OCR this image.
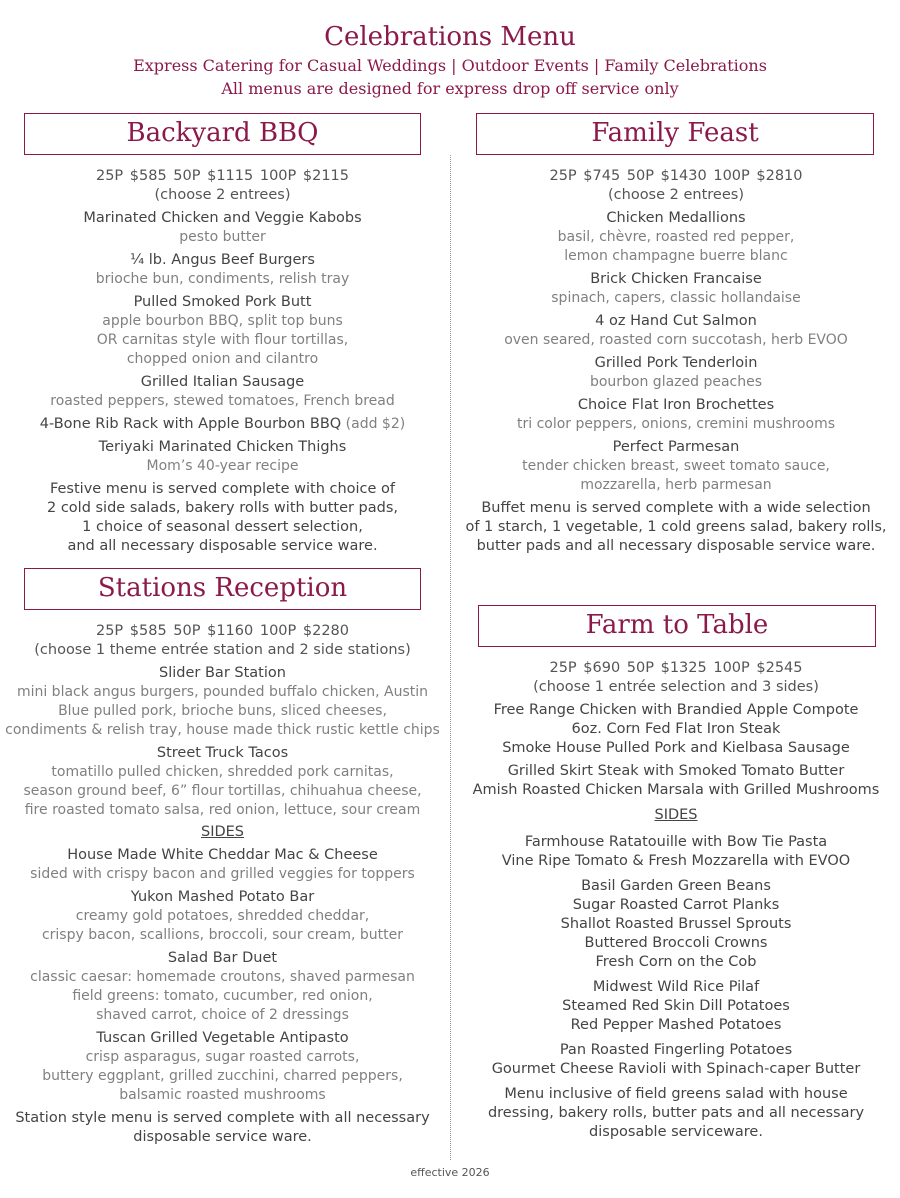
Celebrations Menu
Express Catering for Casual Weddings | Outdoor Events | Family Celebrations
All menus are designed for express drop off service only
Backyard BBQ
25P $585 50P $1115 100P $2115
(choose 2 entrees)
Marinated Chicken and Veggie Kabobs
pesto butter
¼ lb. Angus Beef Burgers
brioche bun, condiments, relish tray
Pulled Smoked Pork Butt
apple bourbon BBQ, split top buns
OR carnitas style with flour tortillas,
chopped onion and cilantro
Grilled Italian Sausage
roasted peppers, stewed tomatoes, French bread
4-Bone Rib Rack with Apple Bourbon BBQ (add $2)
Teriyaki Marinated Chicken Thighs
Mom’s 40-year recipe
Festive menu is served complete with choice of
2 cold side salads, bakery rolls with butter pads,
1 choice of seasonal dessert selection,
and all necessary disposable service ware.
Stations Reception
25P $585 50P $1160 100P $2280
(choose 1 theme entrée station and 2 side stations)
Slider Bar Station
mini black angus burgers, pounded buffalo chicken, Austin
Blue pulled pork, brioche buns, sliced cheeses,
condiments & relish tray, house made thick rustic kettle chips
Street Truck Tacos
tomatillo pulled chicken, shredded pork carnitas,
season ground beef, 6” flour tortillas, chihuahua cheese,
fire roasted tomato salsa, red onion, lettuce, sour cream
SIDES
House Made White Cheddar Mac & Cheese
sided with crispy bacon and grilled veggies for toppers
Yukon Mashed Potato Bar
creamy gold potatoes, shredded cheddar,
crispy bacon, scallions, broccoli, sour cream, butter
Salad Bar Duet
classic caesar: homemade croutons, shaved parmesan
field greens: tomato, cucumber, red onion,
shaved carrot, choice of 2 dressings
Tuscan Grilled Vegetable Antipasto
crisp asparagus, sugar roasted carrots,
buttery eggplant, grilled zucchini, charred peppers,
balsamic roasted mushrooms
Station style menu is served complete with all necessary
disposable service ware.
Family Feast
25P $745 50P $1430 100P $2810
(choose 2 entrees)
Chicken Medallions
basil, chèvre, roasted red pepper,
lemon champagne buerre blanc
Brick Chicken Francaise
spinach, capers, classic hollandaise
4 oz Hand Cut Salmon
oven seared, roasted corn succotash, herb EVOO
Grilled Pork Tenderloin
bourbon glazed peaches
Choice Flat Iron Brochettes
tri color peppers, onions, cremini mushrooms
Perfect Parmesan
tender chicken breast, sweet tomato sauce,
mozzarella, herb parmesan
Buffet menu is served complete with a wide selection
of 1 starch, 1 vegetable, 1 cold greens salad, bakery rolls,
butter pads and all necessary disposable service ware.
Farm to Table
25P $690 50P $1325 100P $2545
(choose 1 entrée selection and 3 sides)
Free Range Chicken with Brandied Apple Compote
6oz. Corn Fed Flat Iron Steak
Smoke House Pulled Pork and Kielbasa Sausage
Grilled Skirt Steak with Smoked Tomato Butter
Amish Roasted Chicken Marsala with Grilled Mushrooms
SIDES
Farmhouse Ratatouille with Bow Tie Pasta
Vine Ripe Tomato & Fresh Mozzarella with EVOO
Basil Garden Green Beans
Sugar Roasted Carrot Planks
Shallot Roasted Brussel Sprouts
Buttered Broccoli Crowns
Fresh Corn on the Cob
Midwest Wild Rice Pilaf
Steamed Red Skin Dill Potatoes
Red Pepper Mashed Potatoes
Pan Roasted Fingerling Potatoes
Gourmet Cheese Ravioli with Spinach-caper Butter
Menu inclusive of field greens salad with house
dressing, bakery rolls, butter pats and all necessary
disposable serviceware.
effective 2026
